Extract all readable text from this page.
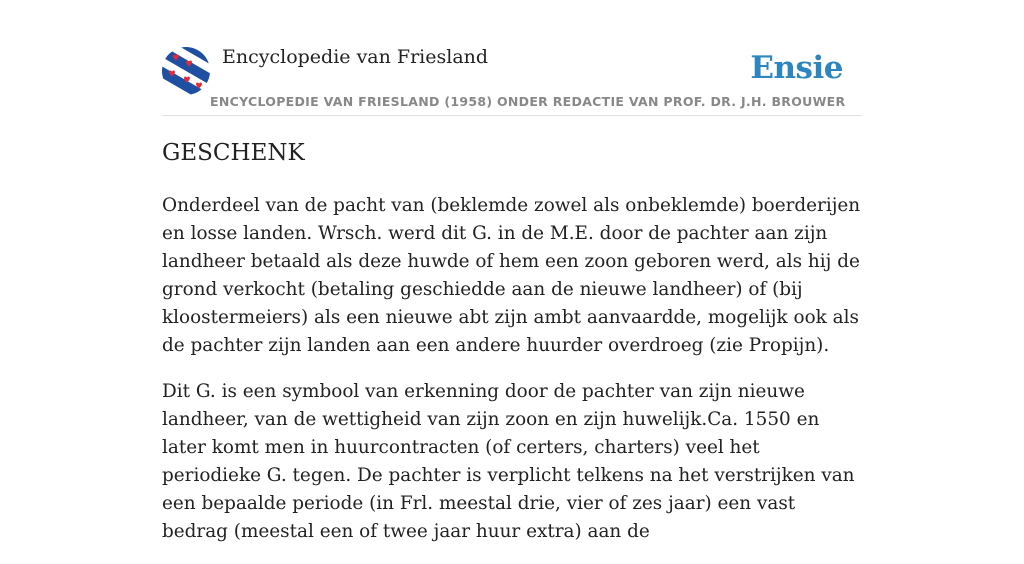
Encyclopedie van Friesland	Ensie
ENCYCLOPEDIE VAN FRIESLAND (1958) ONDER REDACTIE VAN PROF. DR. J.H. BROUWER
GESCHENK

Onderdeel van de pacht van (beklemde zowel als onbeklemde) boerderijen en losse landen. Wrsch. werd dit G. in de M.E. door de pachter aan zijn landheer betaald als deze huwde of hem een zoon geboren werd, als hij de grond verkocht (betaling geschiedde aan de nieuwe landheer) of (bij kloostermeiers) als een nieuwe abt zijn ambt aanvaardde, mogelijk ook als de pachter zijn landen aan een andere huurder overdroeg (zie Propijn).

Dit G. is een symbool van erkenning door de pachter van zijn nieuwe landheer, van de wettigheid van zijn zoon en zijn huwelijk.Ca. 1550 en later komt men in huurcontracten (of certers, charters) veel het periodieke G. tegen. De pachter is verplicht telkens na het verstrijken van een bepaalde periode (in Frl. meestal drie, vier of zes jaar) een vast bedrag (meestal een of twee jaar huur extra) aan de
